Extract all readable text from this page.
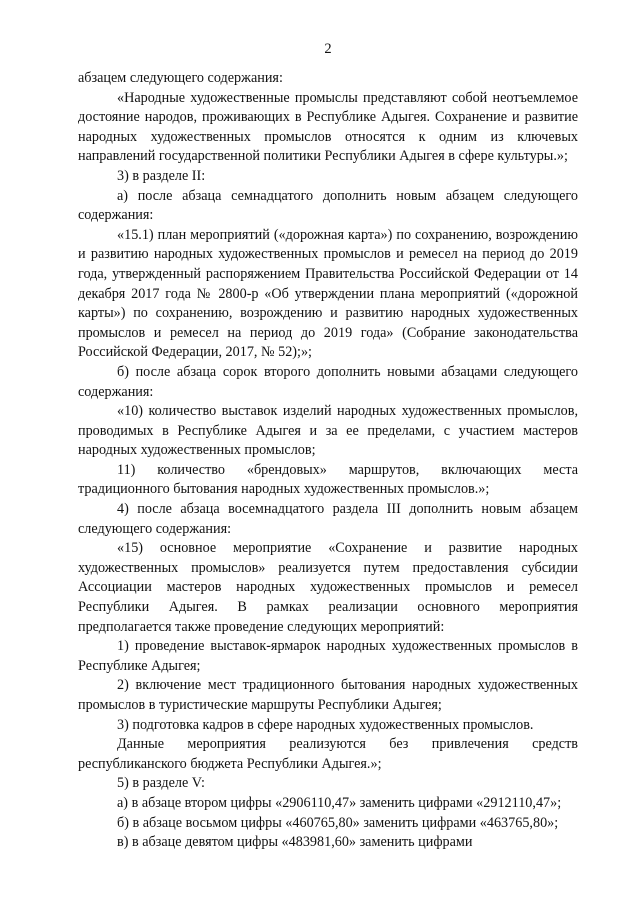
2

абзацем следующего содержания:

«Народные художественные промыслы представляют собой неотъемлемое достояние народов, проживающих в Республике Адыгея. Сохранение и развитие народных художественных промыслов относятся к одним из ключевых направлений государственной политики Республики Адыгея в сфере культуры.»;

3) в разделе II:

а) после абзаца семнадцатого дополнить новым абзацем следующего содержания:

«15.1) план мероприятий («дорожная карта») по сохранению, возрождению и развитию народных художественных промыслов и ремесел на период до 2019 года, утвержденный распоряжением Правительства Российской Федерации от 14 декабря 2017 года № 2800-р «Об утверждении плана мероприятий («дорожной карты») по сохранению, возрождению и развитию народных художественных промыслов и ремесел на период до 2019 года» (Собрание законодательства Российской Федерации, 2017, № 52);»;

б) после абзаца сорок второго дополнить новыми абзацами следующего содержания:

«10) количество выставок изделий народных художественных промыслов, проводимых в Республике Адыгея и за ее пределами, с участием мастеров народных художественных промыслов;

11) количество «брендовых» маршрутов, включающих места традиционного бытования народных художественных промыслов.»;

4) после абзаца восемнадцатого раздела III дополнить новым абзацем следующего содержания:

«15) основное мероприятие «Сохранение и развитие народных художественных промыслов» реализуется путем предоставления субсидии Ассоциации мастеров народных художественных промыслов и ремесел Республики Адыгея. В рамках реализации основного мероприятия предполагается также проведение следующих мероприятий:

1) проведение выставок-ярмарок народных художественных промыслов в Республике Адыгея;

2) включение мест традиционного бытования народных художественных промыслов в туристические маршруты Республики Адыгея;

3) подготовка кадров в сфере народных художественных промыслов.

Данные мероприятия реализуются без привлечения средств республиканского бюджета Республики Адыгея.»;

5) в разделе V:

а) в абзаце втором цифры «2906110,47» заменить цифрами «2912110,47»;

б) в абзаце восьмом цифры «460765,80» заменить цифрами «463765,80»;

в) в абзаце девятом цифры «483981,60» заменить цифрами
